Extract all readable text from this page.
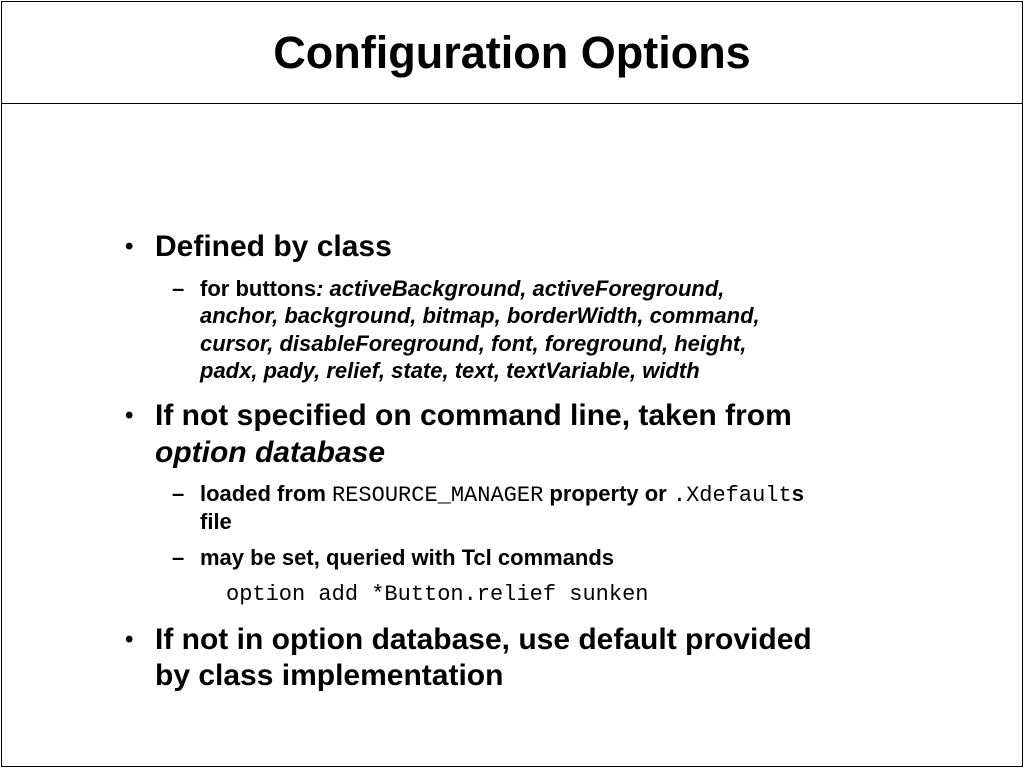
Configuration Options
• Defined by class
– for buttons: activeBackground, activeForeground,
anchor, background, bitmap, borderWidth, command,
cursor, disableForeground, font, foreground, height,
padx, pady, relief, state, text, textVariable, width
• If not specified on command line, taken from
option database
– loaded from RESOURCE_MANAGER property or .Xdefaults
file
– may be set, queried with Tcl commands
option add *Button.relief sunken
• If not in option database, use default provided
by class implementation
